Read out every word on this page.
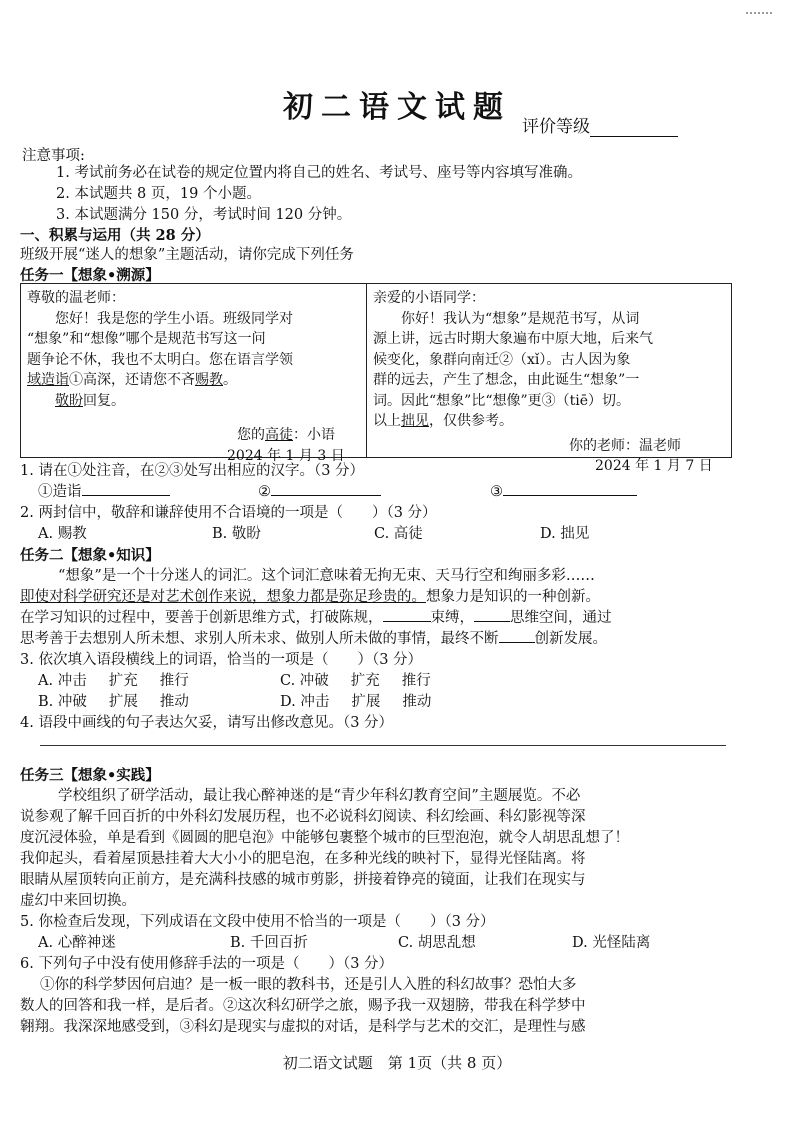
初二语文试题
评价等级
注意事项:
1. 考试前务必在试卷的规定位置内将自己的姓名、考试号、座号等内容填写准确。
2. 本试题共 8 页，19 个小题。
3. 本试题满分 150 分，考试时间 120 分钟。
一、积累与运用（共 28 分）
班级开展“迷人的想象”主题活动，请你完成下列任务
任务一【想象•溯源】

尊敬的温老师：

您好！我是您的学生小语。班级同学对

“想象”和“想像”哪个是规范书写这一问

题争论不休，我也不太明白。您在语言学领

域造诣①高深，还请您不吝赐教。

敬盼回复。

您的高徒：小语

2024 年 1 月 3 日

亲爱的小语同学：

你好！我认为“想象”是规范书写，从词

源上讲，远古时期大象遍布中原大地，后来气

候变化，象群向南迁②（xǐ）。古人因为象

群的远去，产生了想念，由此诞生“想象”一

词。因此“想象”比“想像”更③（tiē）切。

以上拙见，仅供参考。

你的老师：温老师

2024 年 1 月 7 日

1. 请在①处注音，在②③处写出相应的汉字。（3 分）
①造诣	②	③
2. 两封信中，敬辞和谦辞使用不合语境的一项是（　　）（3 分）
A. 赐教	B. 敬盼	C. 高徒	D. 拙见
任务二【想象•知识】
“想象”是一个十分迷人的词汇。这个词汇意味着无拘无束、天马行空和绚丽多彩……
即使对科学研究还是对艺术创作来说，想象力都是弥足珍贵的。想象力是知识的一种创新。
在学习知识的过程中，要善于创新思维方式，打破陈规，	束缚， 思维空间，通过
思考善于去想别人所未想、求别人所未求、做别人所未做的事情，最终不断 创新发展。
3. 依次填入语段横线上的词语，恰当的一项是（　　）（3 分）
A. 冲击 扩充 推行	C. 冲破 扩充 推行
B. 冲破 扩展 推动	D. 冲击 扩展 推动
4. 语段中画线的句子表达欠妥，请写出修改意见。（3 分）
任务三【想象•实践】
学校组织了研学活动，最让我心醉神迷的是“青少年科幻教育空间”主题展览。不必
说参观了解千回百折的中外科幻发展历程，也不必说科幻阅读、科幻绘画、科幻影视等深
度沉浸体验，单是看到《圆圆的肥皂泡》中能够包裹整个城市的巨型泡泡，就令人胡思乱想了！
我仰起头，看着屋顶悬挂着大大小小的肥皂泡，在多种光线的映衬下，显得光怪陆离。将
眼睛从屋顶转向正前方，是充满科技感的城市剪影，拼接着铮亮的镜面，让我们在现实与
虚幻中来回切换。
5. 你检查后发现，下列成语在文段中使用不恰当的一项是（　　）（3 分）
A. 心醉神迷	B. 千回百折	C. 胡思乱想	D. 光怪陆离
6. 下列句子中没有使用修辞手法的一项是（　　）（3 分）
①你的科学梦因何启迪？是一板一眼的教科书，还是引人入胜的科幻故事？恐怕大多
数人的回答和我一样，是后者。②这次科幻研学之旅，赐予我一双翅膀，带我在科学梦中
翱翔。我深深地感受到，③科幻是现实与虚拟的对话，是科学与艺术的交汇，是理性与感
初二语文试题　第 1页（共 8 页）
